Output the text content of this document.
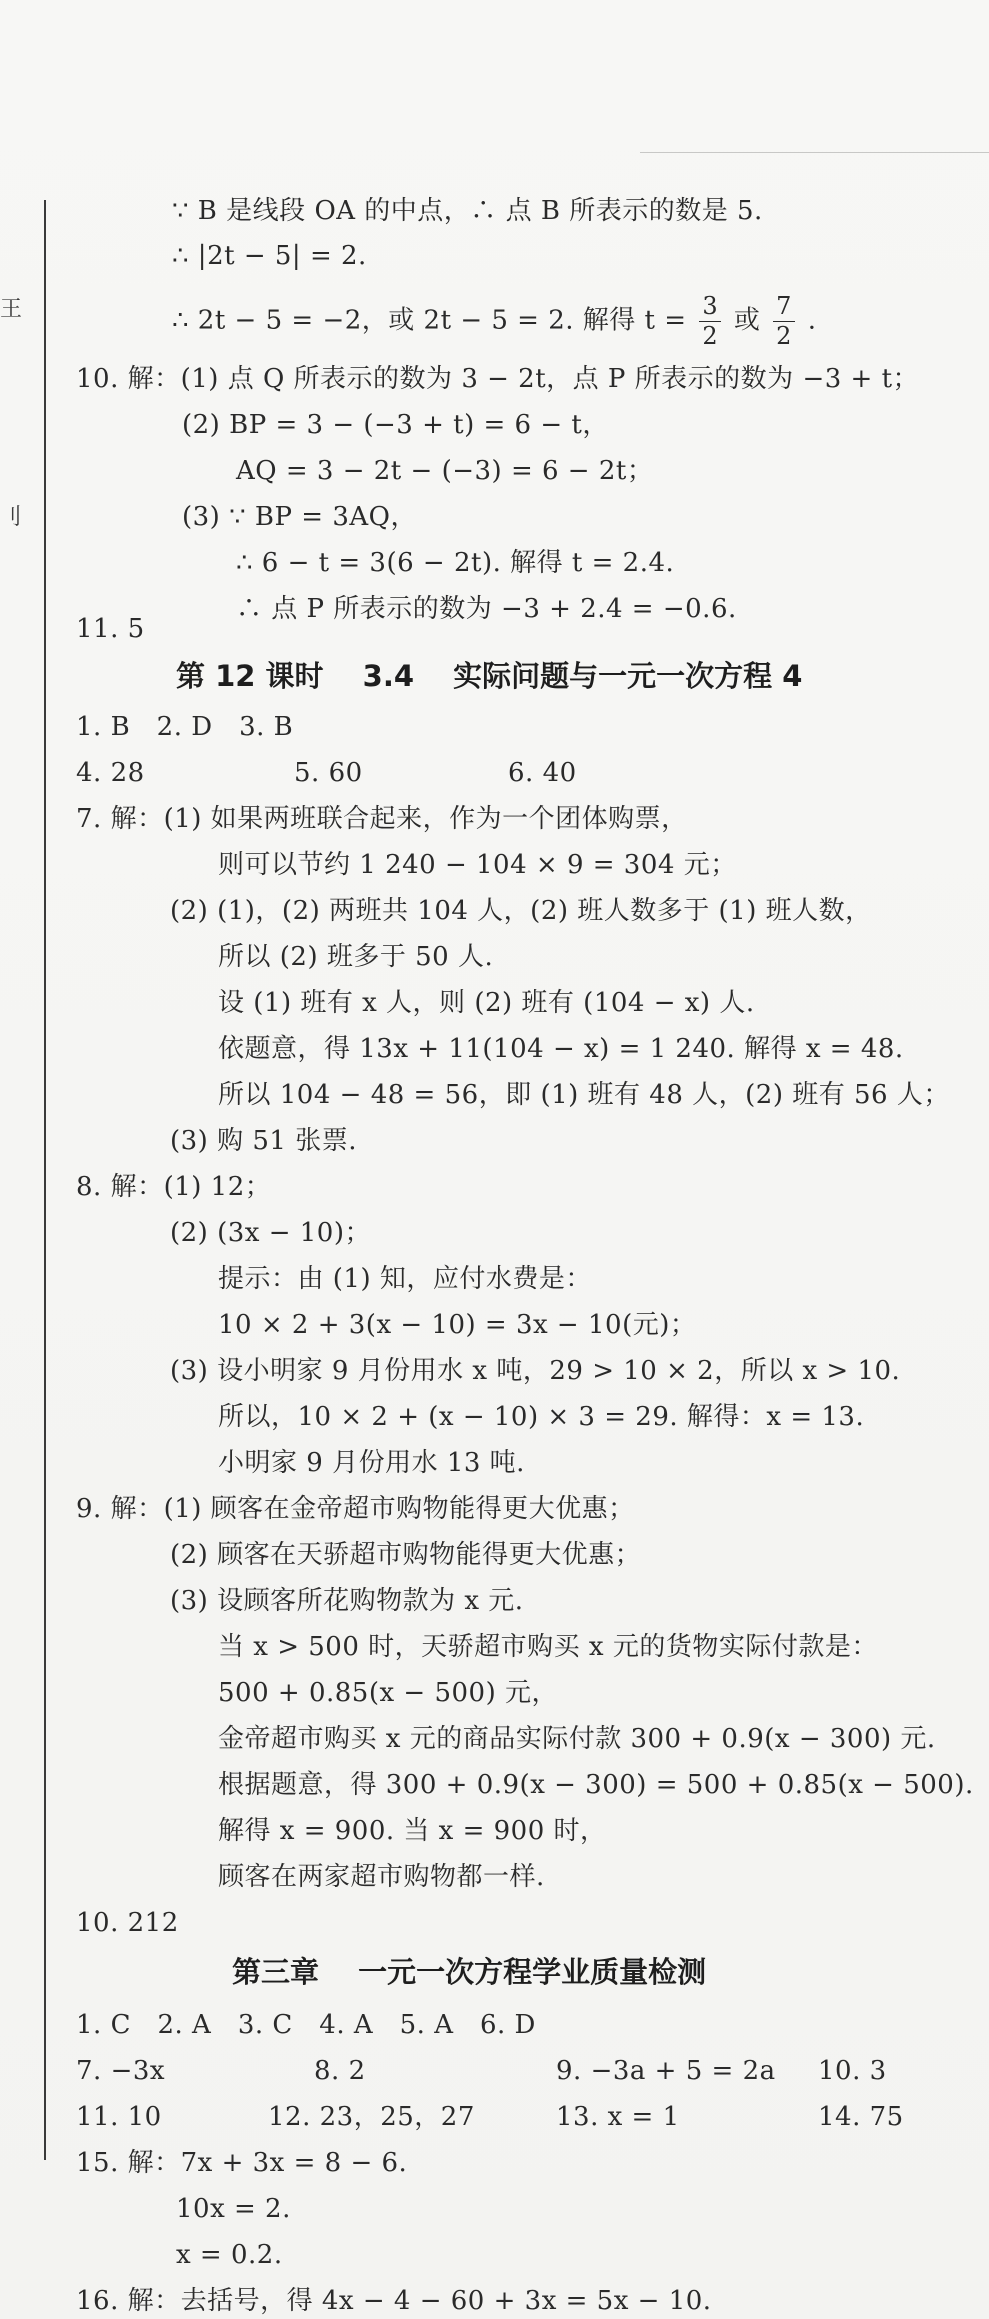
王
刂
∵ B 是线段 OA 的中点，∴ 点 B 所表示的数是 5.
∴ |2t − 5| = 2.
∴ 2t − 5 = −2，或 2t − 5 = 2. 解得 $t = \frac{3}{2}$ 或 $\frac{7}{2}$ .
10. 解：(1) 点 Q 所表示的数为 3 − 2t，点 P 所表示的数为 −3 + t；
(2) BP = 3 − (−3 + t) = 6 − t，
AQ = 3 − 2t − (−3) = 6 − 2t；
(3) ∵ BP = 3AQ，
∴ 6 − t = 3(6 − 2t). 解得 t = 2.4.
∴ 点 P 所表示的数为 −3 + 2.4 = −0.6.
11. 5
第 12 课时　 3.4　 实际问题与一元一次方程 4
1. B　2. D　3. B
4. 28	5. 60	6. 40
7. 解：(1) 如果两班联合起来，作为一个团体购票，
则可以节约 1 240 − 104 × 9 = 304 元；
(2) (1)，(2) 两班共 104 人，(2) 班人数多于 (1) 班人数，
所以 (2) 班多于 50 人.
设 (1) 班有 x 人，则 (2) 班有 (104 − x) 人.
依题意，得 13x + 11(104 − x) = 1 240. 解得 x = 48.
所以 104 − 48 = 56，即 (1) 班有 48 人，(2) 班有 56 人；
(3) 购 51 张票.
8. 解：(1) 12；
(2) (3x − 10)；
提示：由 (1) 知，应付水费是：
10 × 2 + 3(x − 10) = 3x − 10(元)；
(3) 设小明家 9 月份用水 x 吨，29 > 10 × 2，所以 x > 10.
所以，10 × 2 + (x − 10) × 3 = 29. 解得：x = 13.
小明家 9 月份用水 13 吨.
9. 解：(1) 顾客在金帝超市购物能得更大优惠；
(2) 顾客在天骄超市购物能得更大优惠；
(3) 设顾客所花购物款为 x 元.
当 x > 500 时，天骄超市购买 x 元的货物实际付款是：
500 + 0.85(x − 500) 元，
金帝超市购买 x 元的商品实际付款 300 + 0.9(x − 300) 元.
根据题意，得 300 + 0.9(x − 300) = 500 + 0.85(x − 500).
解得 x = 900. 当 x = 900 时，
顾客在两家超市购物都一样.
10. 212
第三章　 一元一次方程学业质量检测
1. C　2. A　3. C　4. A　5. A　6. D
7. −3x	8. 2	9. −3a + 5 = 2a 10. 3
11. 10	12. 23，25，27	13. x = 1	14. 75
15. 解：7x + 3x = 8 − 6.
10x = 2.
x = 0.2.
16. 解：去括号，得 4x − 4 − 60 + 3x = 5x − 10.
